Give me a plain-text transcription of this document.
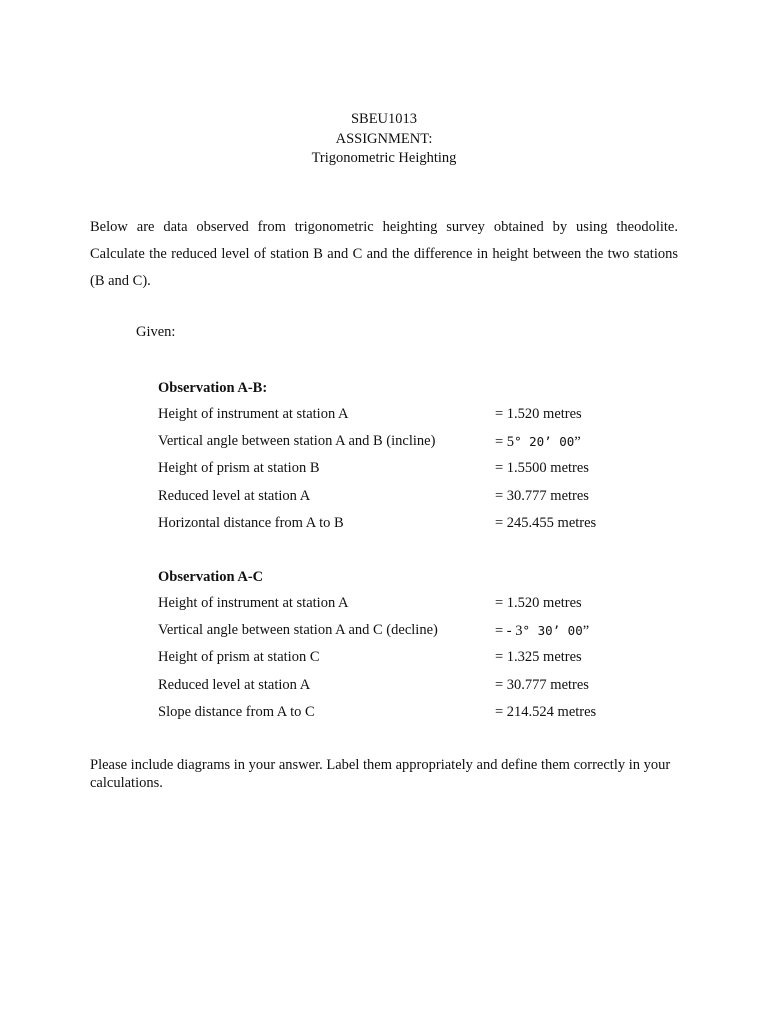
SBEU1013
ASSIGNMENT:
Trigonometric Heighting
Below are data observed from trigonometric heighting survey obtained by using theodolite. Calculate the reduced level of station B and C and the difference in height between the two stations (B and C).
Given:
Observation A-B:
Height of instrument at station A	= 1.520 metres
Vertical angle between station A and B (incline)	= 5° 20’ 00”
Height of prism at station B	= 1.5500 metres
Reduced level at station A	= 30.777 metres
Horizontal distance from A to B	= 245.455 metres
Observation A-C
Height of instrument at station A	= 1.520 metres
Vertical angle between station A and C (decline)	= - 3° 30’ 00”
Height of prism at station C	= 1.325 metres
Reduced level at station A	= 30.777 metres
Slope distance from A to C	= 214.524 metres
Please include diagrams in your answer. Label them appropriately and define them correctly in your calculations.
